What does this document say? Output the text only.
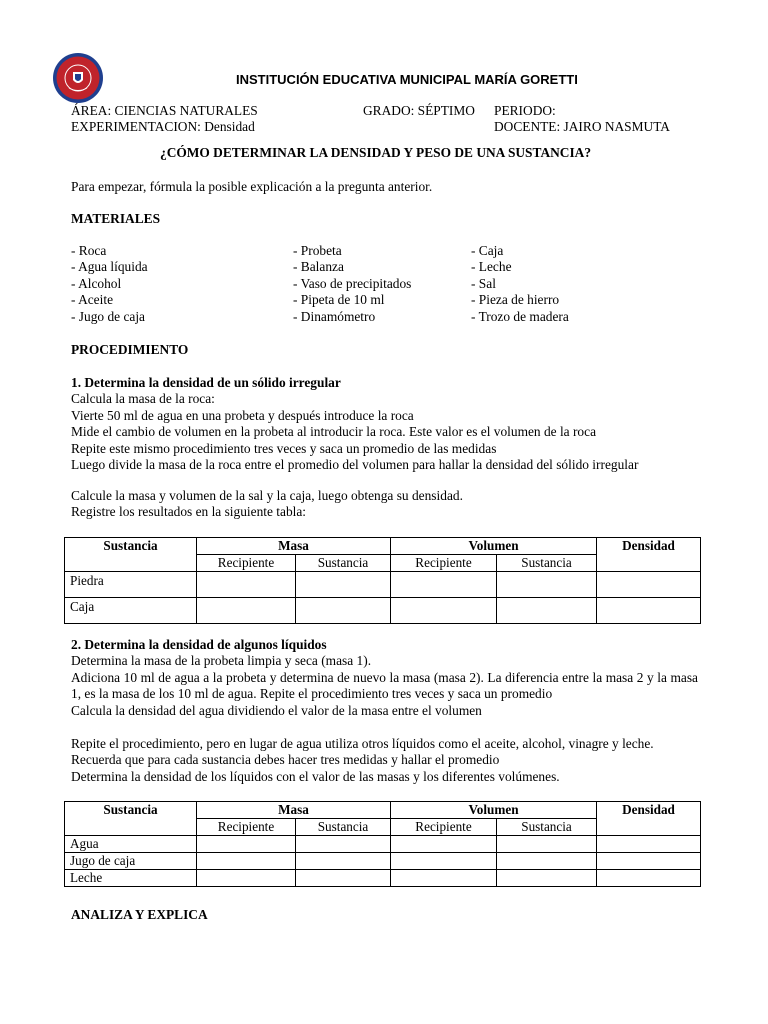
INSTITUCIÓN EDUCATIVA MUNICIPAL MARÍA GORETTI
ÁREA: CIENCIAS NATURALES
EXPERIMENTACION: Densidad
GRADO: SÉPTIMO PERIODO:
DOCENTE: JAIRO NASMUTA
¿CÓMO DETERMINAR LA DENSIDAD Y PESO DE UNA SUSTANCIA?
Para empezar, fórmula la posible explicación a la pregunta anterior.
MATERIALES
- Roca
- Agua líquida
- Alcohol
- Aceite
- Jugo de caja
- Probeta
- Balanza
- Vaso de precipitados
- Pipeta de 10 ml
- Dinamómetro
- Caja
- Leche
- Sal
- Pieza de hierro
- Trozo de madera
PROCEDIMIENTO
1. Determina la densidad de un sólido irregular
Calcula la masa de la roca:
Vierte 50 ml de agua en una probeta y después introduce la roca
Mide el cambio de volumen en la probeta al introducir la roca. Este valor es el volumen de la roca
Repite este mismo procedimiento tres veces y saca un promedio de las medidas
Luego divide la masa de la roca entre el promedio del volumen para hallar la densidad del sólido irregular
Calcule la masa y volumen de la sal y la caja, luego obtenga su densidad.
Registre los resultados en la siguiente tabla:
Sustancia	Masa		Volumen		Densidad
	Recipiente	Sustancia	Recipiente	Sustancia	
Piedra					
Caja					
2. Determina la densidad de algunos líquidos
Determina la masa de la probeta limpia y seca (masa 1).
Adiciona 10 ml de agua a la probeta y determina de nuevo la masa (masa 2). La diferencia entre la masa 2 y la masa 1, es la masa de los 10 ml de agua. Repite el procedimiento tres veces y saca un promedio
Calcula la densidad del agua dividiendo el valor de la masa entre el volumen
Repite el procedimiento, pero en lugar de agua utiliza otros líquidos como el aceite, alcohol, vinagre y leche.
Recuerda que para cada sustancia debes hacer tres medidas y hallar el promedio
Determina la densidad de los líquidos con el valor de las masas y los diferentes volúmenes.
Sustancia	Masa		Volumen		Densidad
	Recipiente	Sustancia	Recipiente	Sustancia	
Agua					
Jugo de caja					
Leche					
ANALIZA Y EXPLICA
